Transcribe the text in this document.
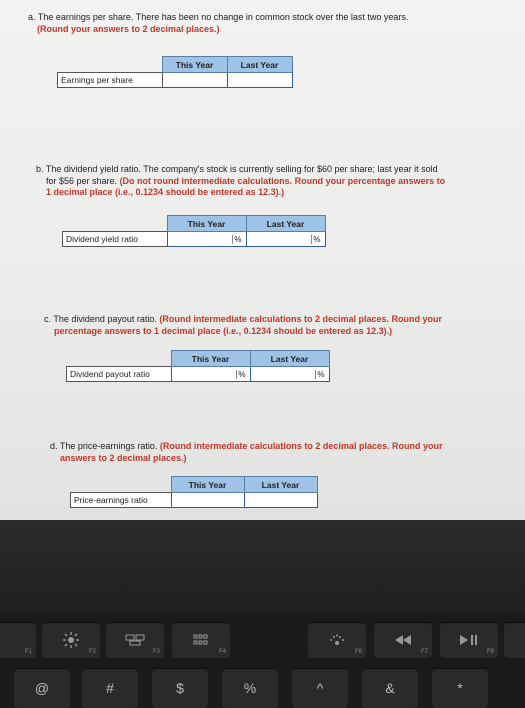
a. The earnings per share. There has been no change in common stock over the last two years.
(Round your answers to 2 decimal places.)
	This Year	Last Year
Earnings per share		
b. The dividend yield ratio. The company's stock is currently selling for $60 per share; last year it sold
for $56 per share. (Do not round intermediate calculations. Round your percentage answers to
1 decimal place (i.e., 0.1234 should be entered as 12.3).)
	This Year	Last Year
Dividend yield ratio	%	%
c. The dividend payout ratio. (Round intermediate calculations to 2 decimal places. Round your
percentage answers to 1 decimal place (i.e., 0.1234 should be entered as 12.3).)
	This Year	Last Year
Dividend payout ratio	%	%
d. The price-earnings ratio. (Round intermediate calculations to 2 decimal places. Round your
answers to 2 decimal places.)
	This Year	Last Year
Price-earnings ratio		
F1	F2	F3	F4	F6	F7	F8
@	#	$	%	^	&	*
